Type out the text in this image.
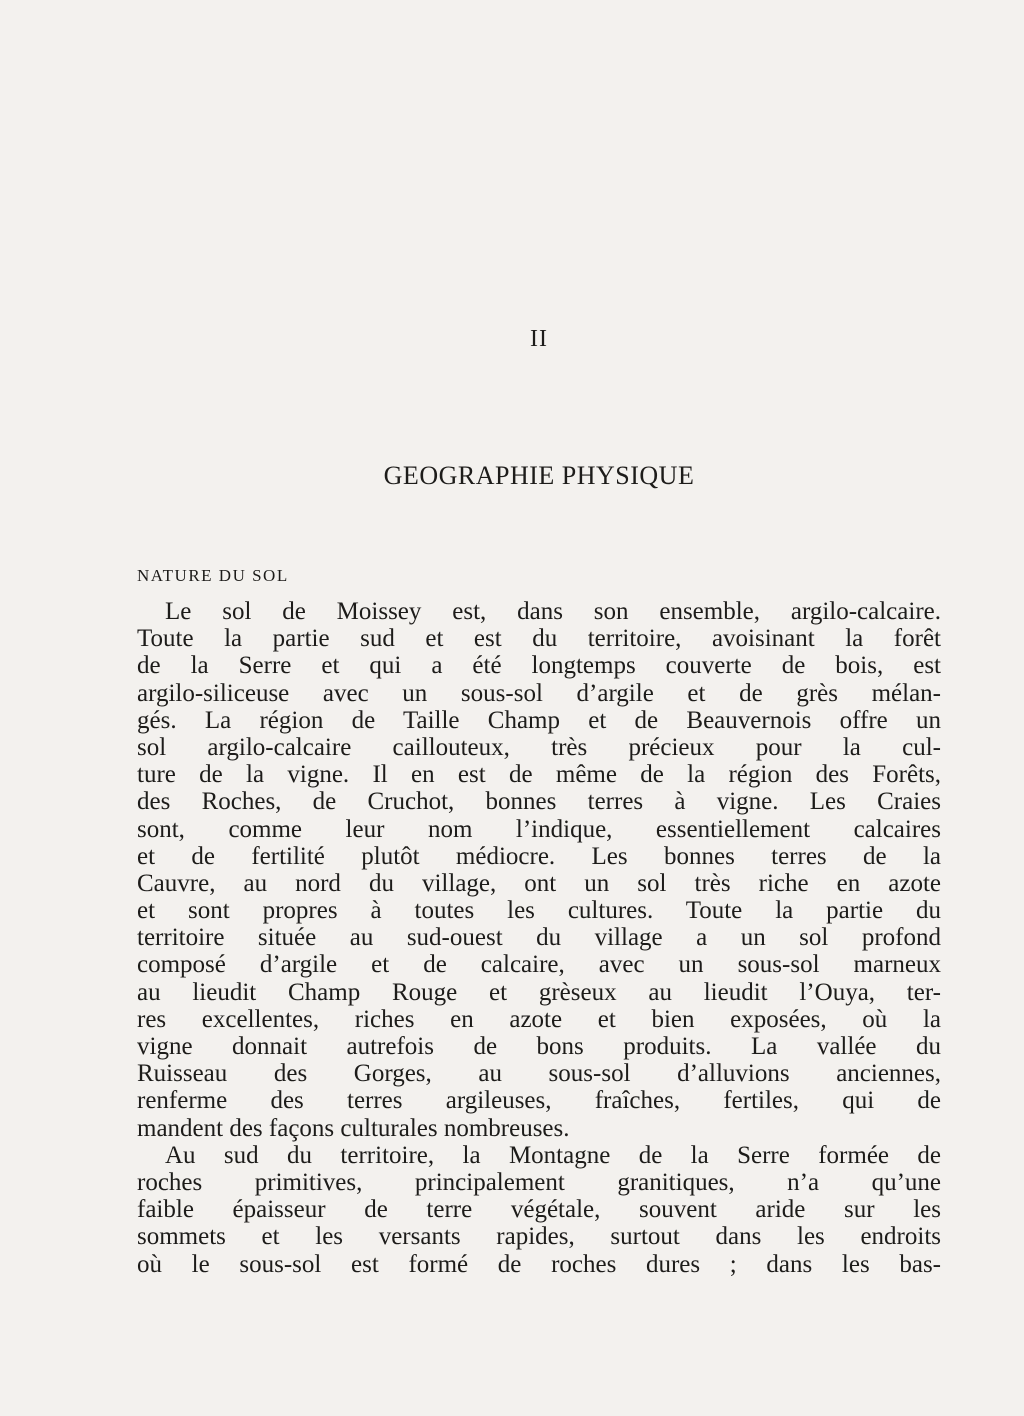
II
GEOGRAPHIE PHYSIQUE
NATURE DU SOL
Le sol de Moissey est, dans son ensemble, argilo-calcaire.
Toute la partie sud et est du territoire, avoisinant la forêt
de la Serre et qui a été longtemps couverte de bois, est
argilo-siliceuse avec un sous-sol d’argile et de grès mélan-
gés. La région de Taille Champ et de Beauvernois offre un
sol argilo-calcaire caillouteux, très précieux pour la cul-
ture de la vigne. Il en est de même de la région des Forêts,
des Roches, de Cruchot, bonnes terres à vigne. Les Craies
sont, comme leur nom l’indique, essentiellement calcaires
et de fertilité plutôt médiocre. Les bonnes terres de la
Cauvre, au nord du village, ont un sol très riche en azote
et sont propres à toutes les cultures. Toute la partie du
territoire située au sud-ouest du village a un sol profond
composé d’argile et de calcaire, avec un sous-sol marneux
au lieudit Champ Rouge et grèseux au lieudit l’Ouya, ter-
res excellentes, riches en azote et bien exposées, où la
vigne donnait autrefois de bons produits. La vallée du
Ruisseau des Gorges, au sous-sol d’alluvions anciennes,
renferme des terres argileuses, fraîches, fertiles, qui de
mandent des façons culturales nombreuses.
Au sud du territoire, la Montagne de la Serre formée de
roches primitives, principalement granitiques, n’a qu’une
faible épaisseur de terre végétale, souvent aride sur les
sommets et les versants rapides, surtout dans les endroits
où le sous-sol est formé de roches dures ; dans les bas-
